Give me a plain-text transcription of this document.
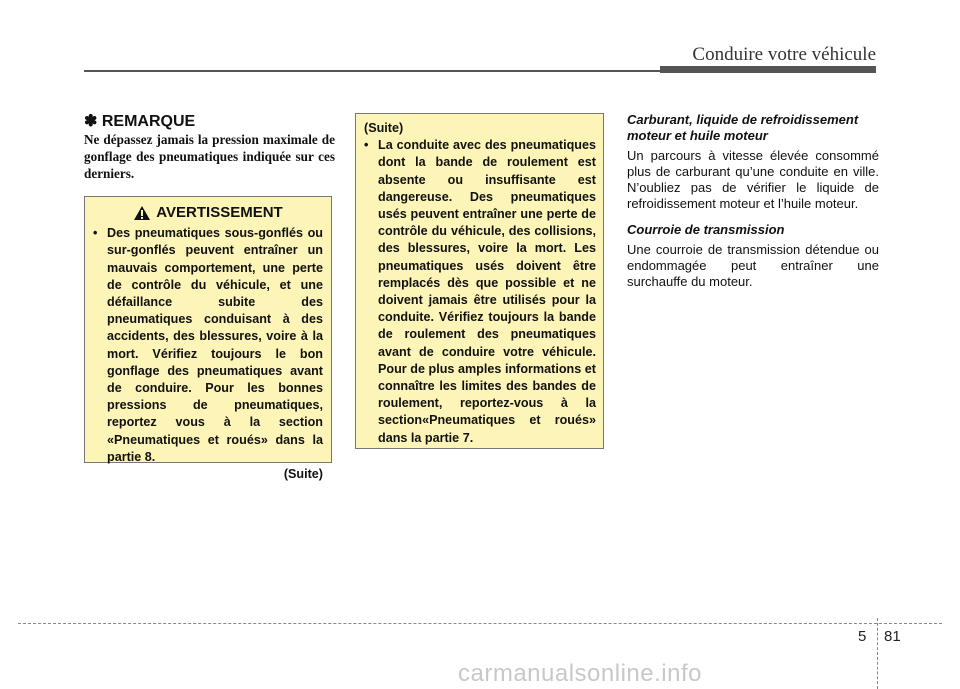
Conduire votre véhicule
✽ REMARQUE

Ne dépassez jamais la pression maximale de gonflage des pneumatiques indiquée sur ces derniers.

AVERTISSEMENT
• Des pneumatiques sous-gonflés ou sur-gonflés peuvent entraîner un mauvais comportement, une perte de contrôle du véhicule, et une défaillance subite des pneumatiques conduisant à des accidents, des blessures, voire à la mort. Vérifiez toujours le bon gonflage des pneumatiques avant de conduire. Pour les bonnes pressions de pneumatiques, reportez vous à la section «Pneumatiques et roués» dans la partie 8.

(Suite)
(Suite)
• La conduite avec des pneumatiques dont la bande de roulement est absente ou insuffisante est dangereuse. Des pneumatiques usés peuvent entraîner une perte de contrôle du véhicule, des collisions, des blessures, voire la mort. Les pneumatiques usés doivent être remplacés dès que possible et ne doivent jamais être utilisés pour la conduite. Vérifiez toujours la bande de roulement des pneumatiques avant de conduire votre véhicule. Pour de plus amples informations et connaître les limites des bandes de roulement, reportez-vous à la section«Pneumatiques et roués» dans la partie 7.

Carburant, liquide de refroidissement moteur et huile moteur

Un parcours à vitesse élevée consommé plus de carburant qu’une conduite en ville. N’oubliez pas de vérifier le liquide de refroidissement moteur et l’huile moteur.

Courroie de transmission

Une courroie de transmission détendue ou endommagée peut entraîner une surchauffe du moteur.

5 81
carmanualsonline.info
